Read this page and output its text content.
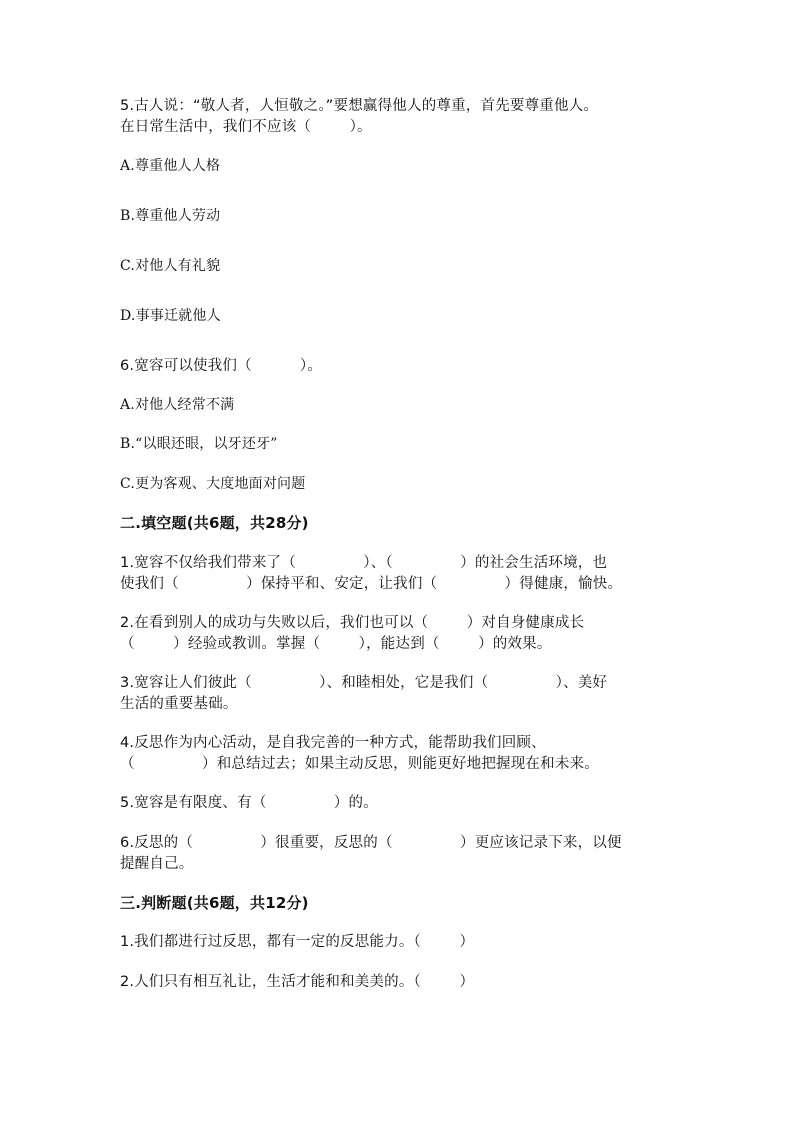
5.古人说：“敬人者，人恒敬之。”要想赢得他人的尊重，首先要尊重他人。

在日常生活中，我们不应该（        ）。

A.尊重他人人格

B.尊重他人劳动

C.对他人有礼貌

D.事事迁就他人

6.宽容可以使我们（          ）。

A.对他人经常不满

B.“以眼还眼，以牙还牙”

C.更为客观、大度地面对问题

二.填空题(共6题，共28分)

1.宽容不仅给我们带来了（              ）、（              ）的社会生活环境，也

使我们（              ）保持平和、安定，让我们（              ）得健康，愉快。

2.在看到别人的成功与失败以后，我们也可以（        ）对自身健康成长

（        ）经验或教训。掌握（        ），能达到（        ）的效果。

3.宽容让人们彼此（              ）、和睦相处，它是我们（              ）、美好

生活的重要基础。

4.反思作为内心活动，是自我完善的一种方式，能帮助我们回顾、

（              ）和总结过去；如果主动反思，则能更好地把握现在和未来。

5.宽容是有限度、有（              ）的。

6.反思的（              ）很重要，反思的（              ）更应该记录下来，以便

提醒自己。

三.判断题(共6题，共12分)

1.我们都进行过反思，都有一定的反思能力。（        ）

2.人们只有相互礼让，生活才能和和美美的。（        ）
